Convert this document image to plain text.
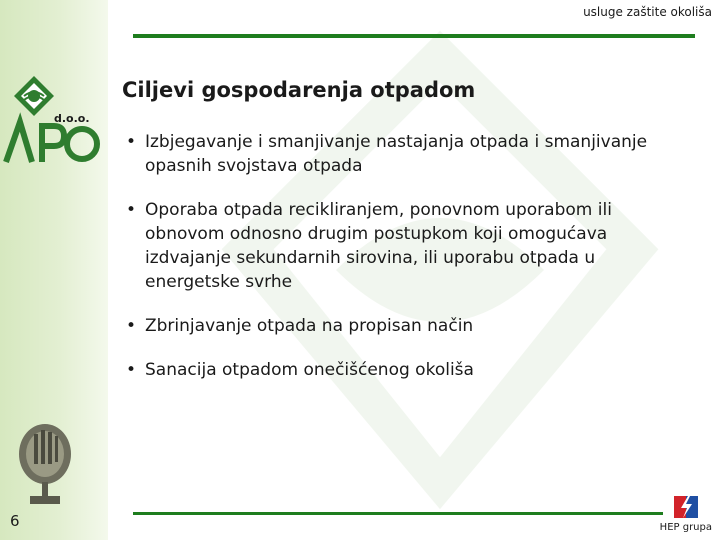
usluge zaštite okoliša
d.o.o.
6
Ciljevi gospodarenja otpadom
• Izbjegavanje i smanjivanje nastajanja otpada i smanjivanje opasnih svojstava otpada
• Oporaba otpada recikliranjem, ponovnom uporabom ili obnovom odnosno drugim postupkom koji omogućava izdvajanje sekundarnih sirovina, ili uporabu otpada u energetske svrhe
• Zbrinjavanje otpada na propisan način
• Sanacija otpadom onečišćenog okoliša
HEP grupa
